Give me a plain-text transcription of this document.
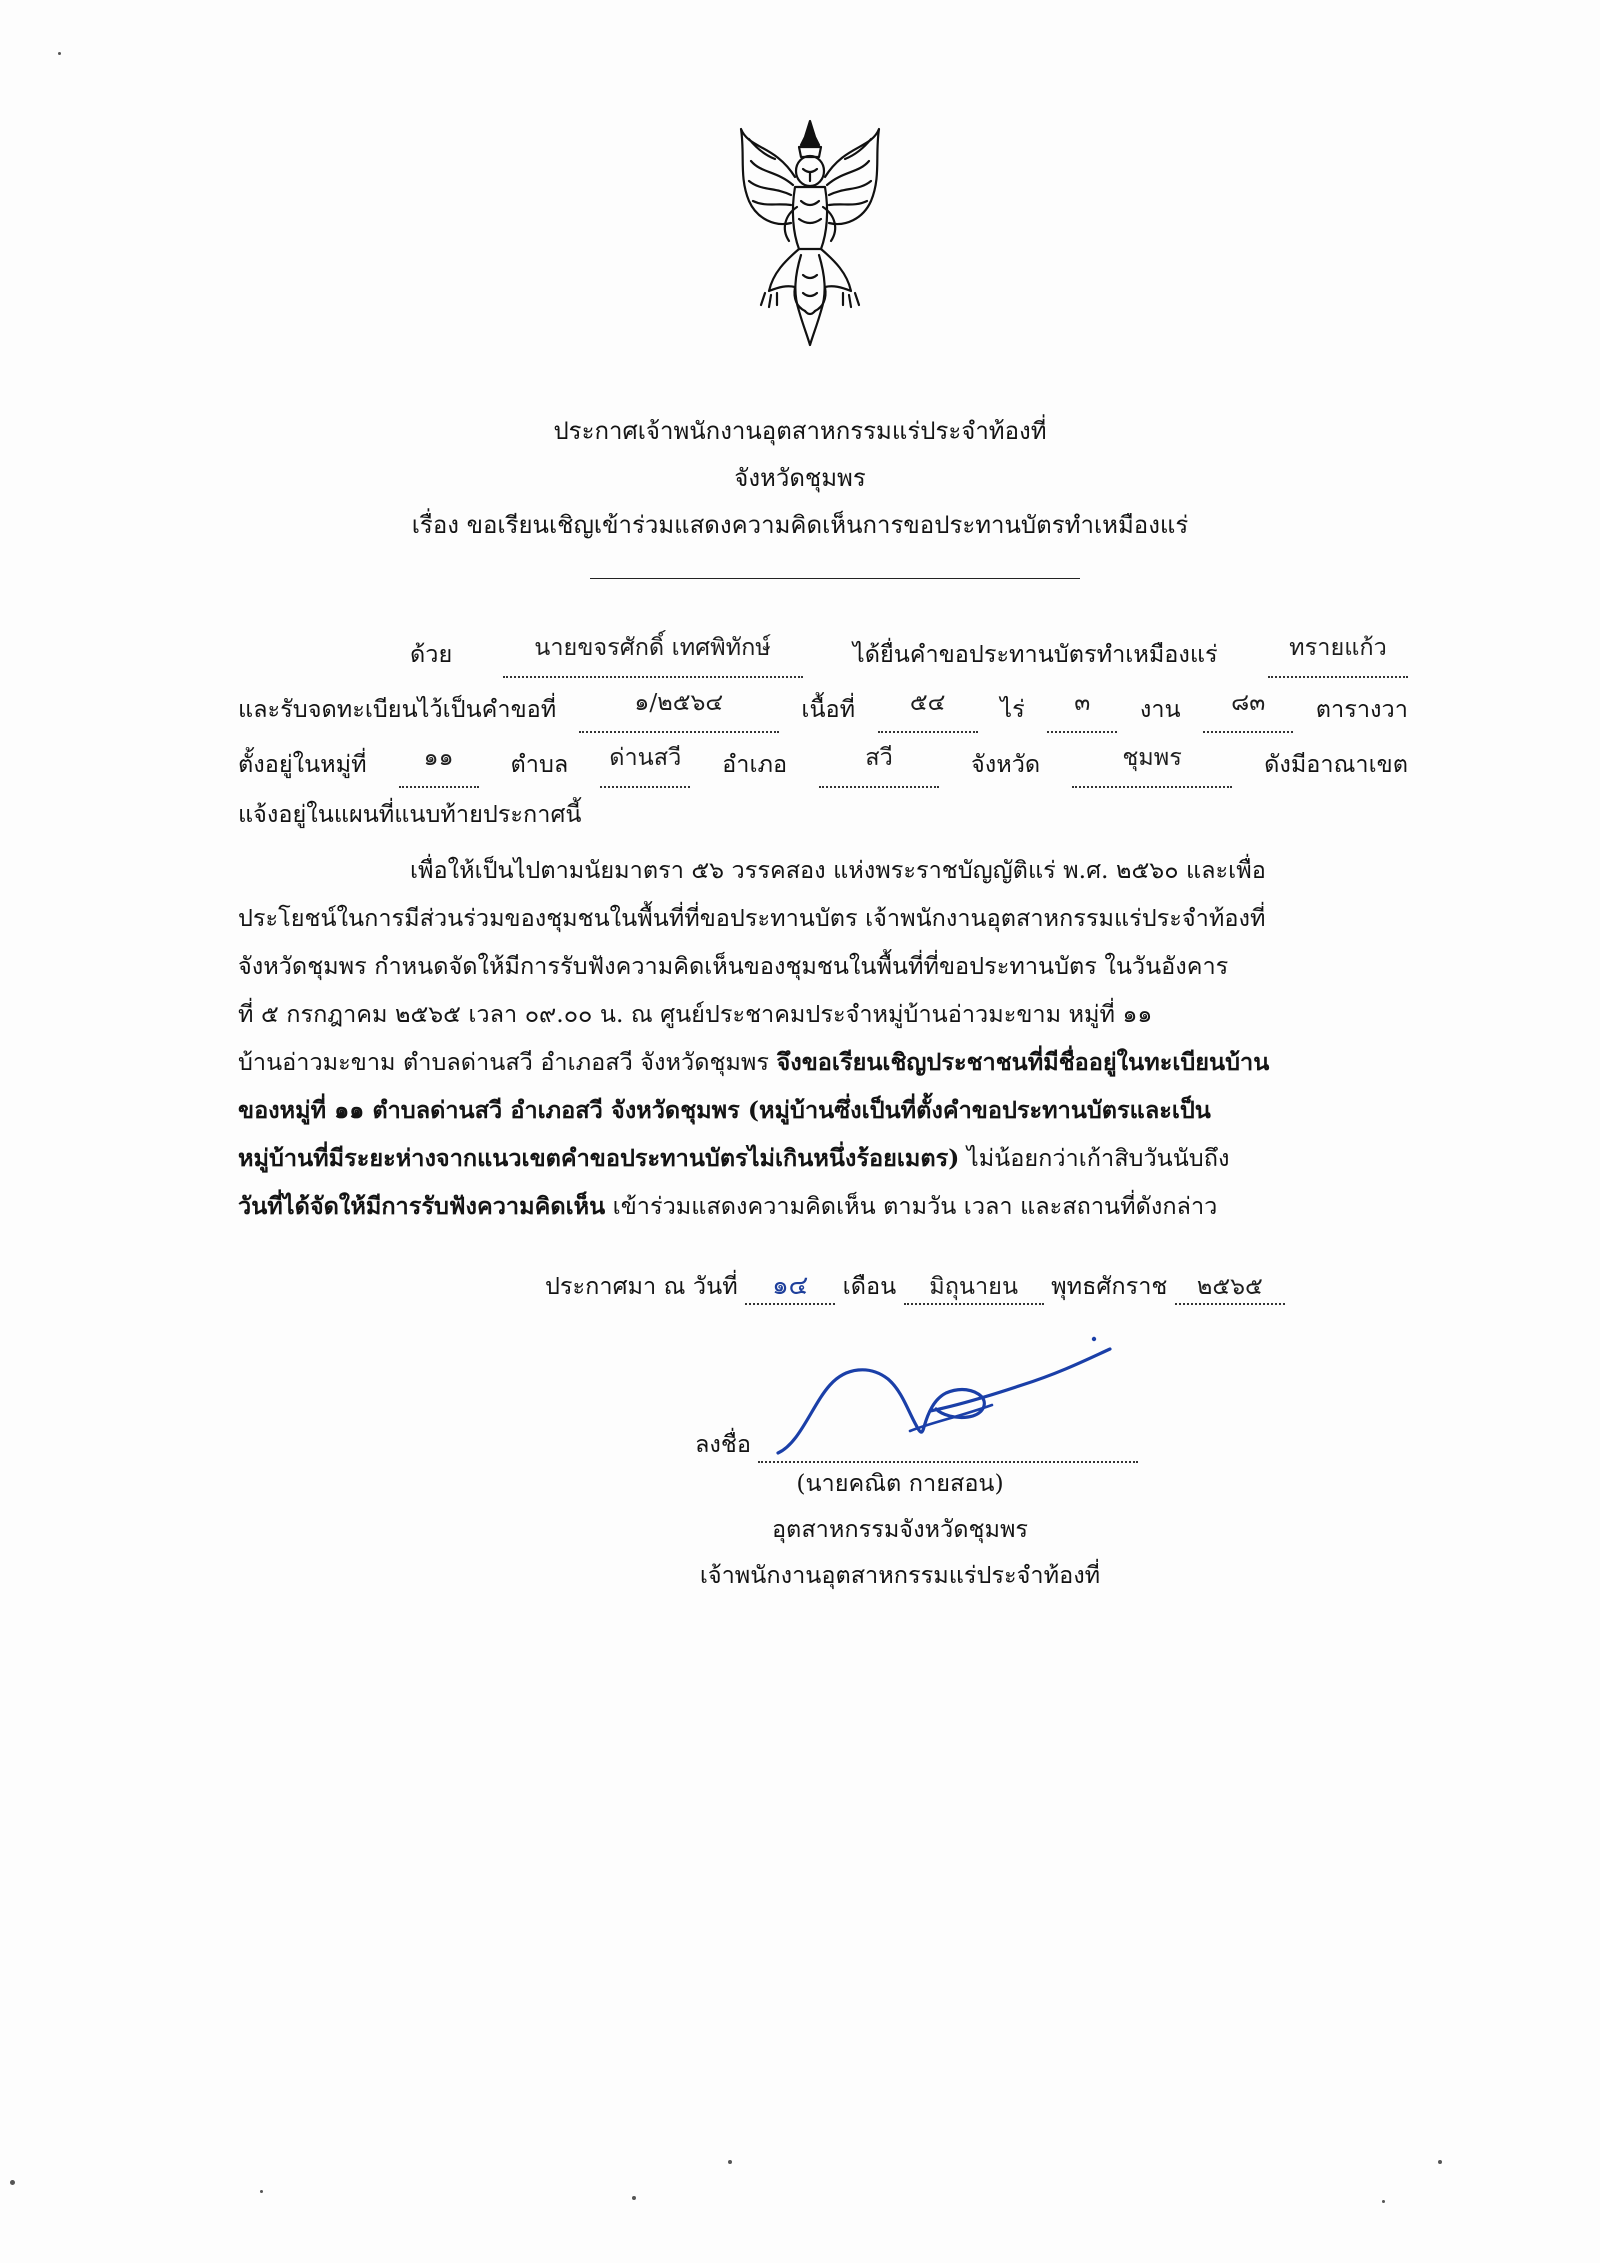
ประกาศเจ้าพนักงานอุตสาหกรรมแร่ประจำท้องที่
จังหวัดชุมพร
เรื่อง ขอเรียนเชิญเข้าร่วมแสดงความคิดเห็นการขอประทานบัตรทำเหมืองแร่
ด้วย	นายขจรศักดิ์ เทศพิทักษ์	ได้ยื่นคำขอประทานบัตรทำเหมืองแร่	ทรายแก้ว
และรับจดทะเบียนไว้เป็นคำขอที่	๑/๒๕๖๔	เนื้อที่	๕๔	ไร่	๓	งาน	๘๓	ตารางวา
ตั้งอยู่ในหมู่ที่	๑๑	ตำบล	ด่านสวี	อำเภอ	สวี	จังหวัด	ชุมพร	ดังมีอาณาเขต
แจ้งอยู่ในแผนที่แนบท้ายประกาศนี้
เพื่อให้เป็นไปตามนัยมาตรา ๕๖ วรรคสอง แห่งพระราชบัญญัติแร่ พ.ศ. ๒๕๖๐ และเพื่อ
ประโยชน์ในการมีส่วนร่วมของชุมชนในพื้นที่ที่ขอประทานบัตร เจ้าพนักงานอุตสาหกรรมแร่ประจำท้องที่
จังหวัดชุมพร กำหนดจัดให้มีการรับฟังความคิดเห็นของชุมชนในพื้นที่ที่ขอประทานบัตร ในวันอังคาร
ที่ ๕ กรกฎาคม ๒๕๖๕ เวลา ๐๙.๐๐ น. ณ ศูนย์ประชาคมประจำหมู่บ้านอ่าวมะขาม หมู่ที่ ๑๑
บ้านอ่าวมะขาม ตำบลด่านสวี อำเภอสวี จังหวัดชุมพร จึงขอเรียนเชิญประชาชนที่มีชื่ออยู่ในทะเบียนบ้าน
ของหมู่ที่ ๑๑ ตำบลด่านสวี อำเภอสวี จังหวัดชุมพร (หมู่บ้านซึ่งเป็นที่ตั้งคำขอประทานบัตรและเป็น
หมู่บ้านที่มีระยะห่างจากแนวเขตคำขอประทานบัตรไม่เกินหนึ่งร้อยเมตร) ไม่น้อยกว่าเก้าสิบวันนับถึง
วันที่ได้จัดให้มีการรับฟังความคิดเห็น เข้าร่วมแสดงความคิดเห็น ตามวัน เวลา และสถานที่ดังกล่าว
ประกาศมา ณ วันที่ ๑๔ เดือน มิถุนายน พุทธศักราช ๒๕๖๕
ลงชื่อ
(นายคณิต กายสอน)
อุตสาหกรรมจังหวัดชุมพร
เจ้าพนักงานอุตสาหกรรมแร่ประจำท้องที่
